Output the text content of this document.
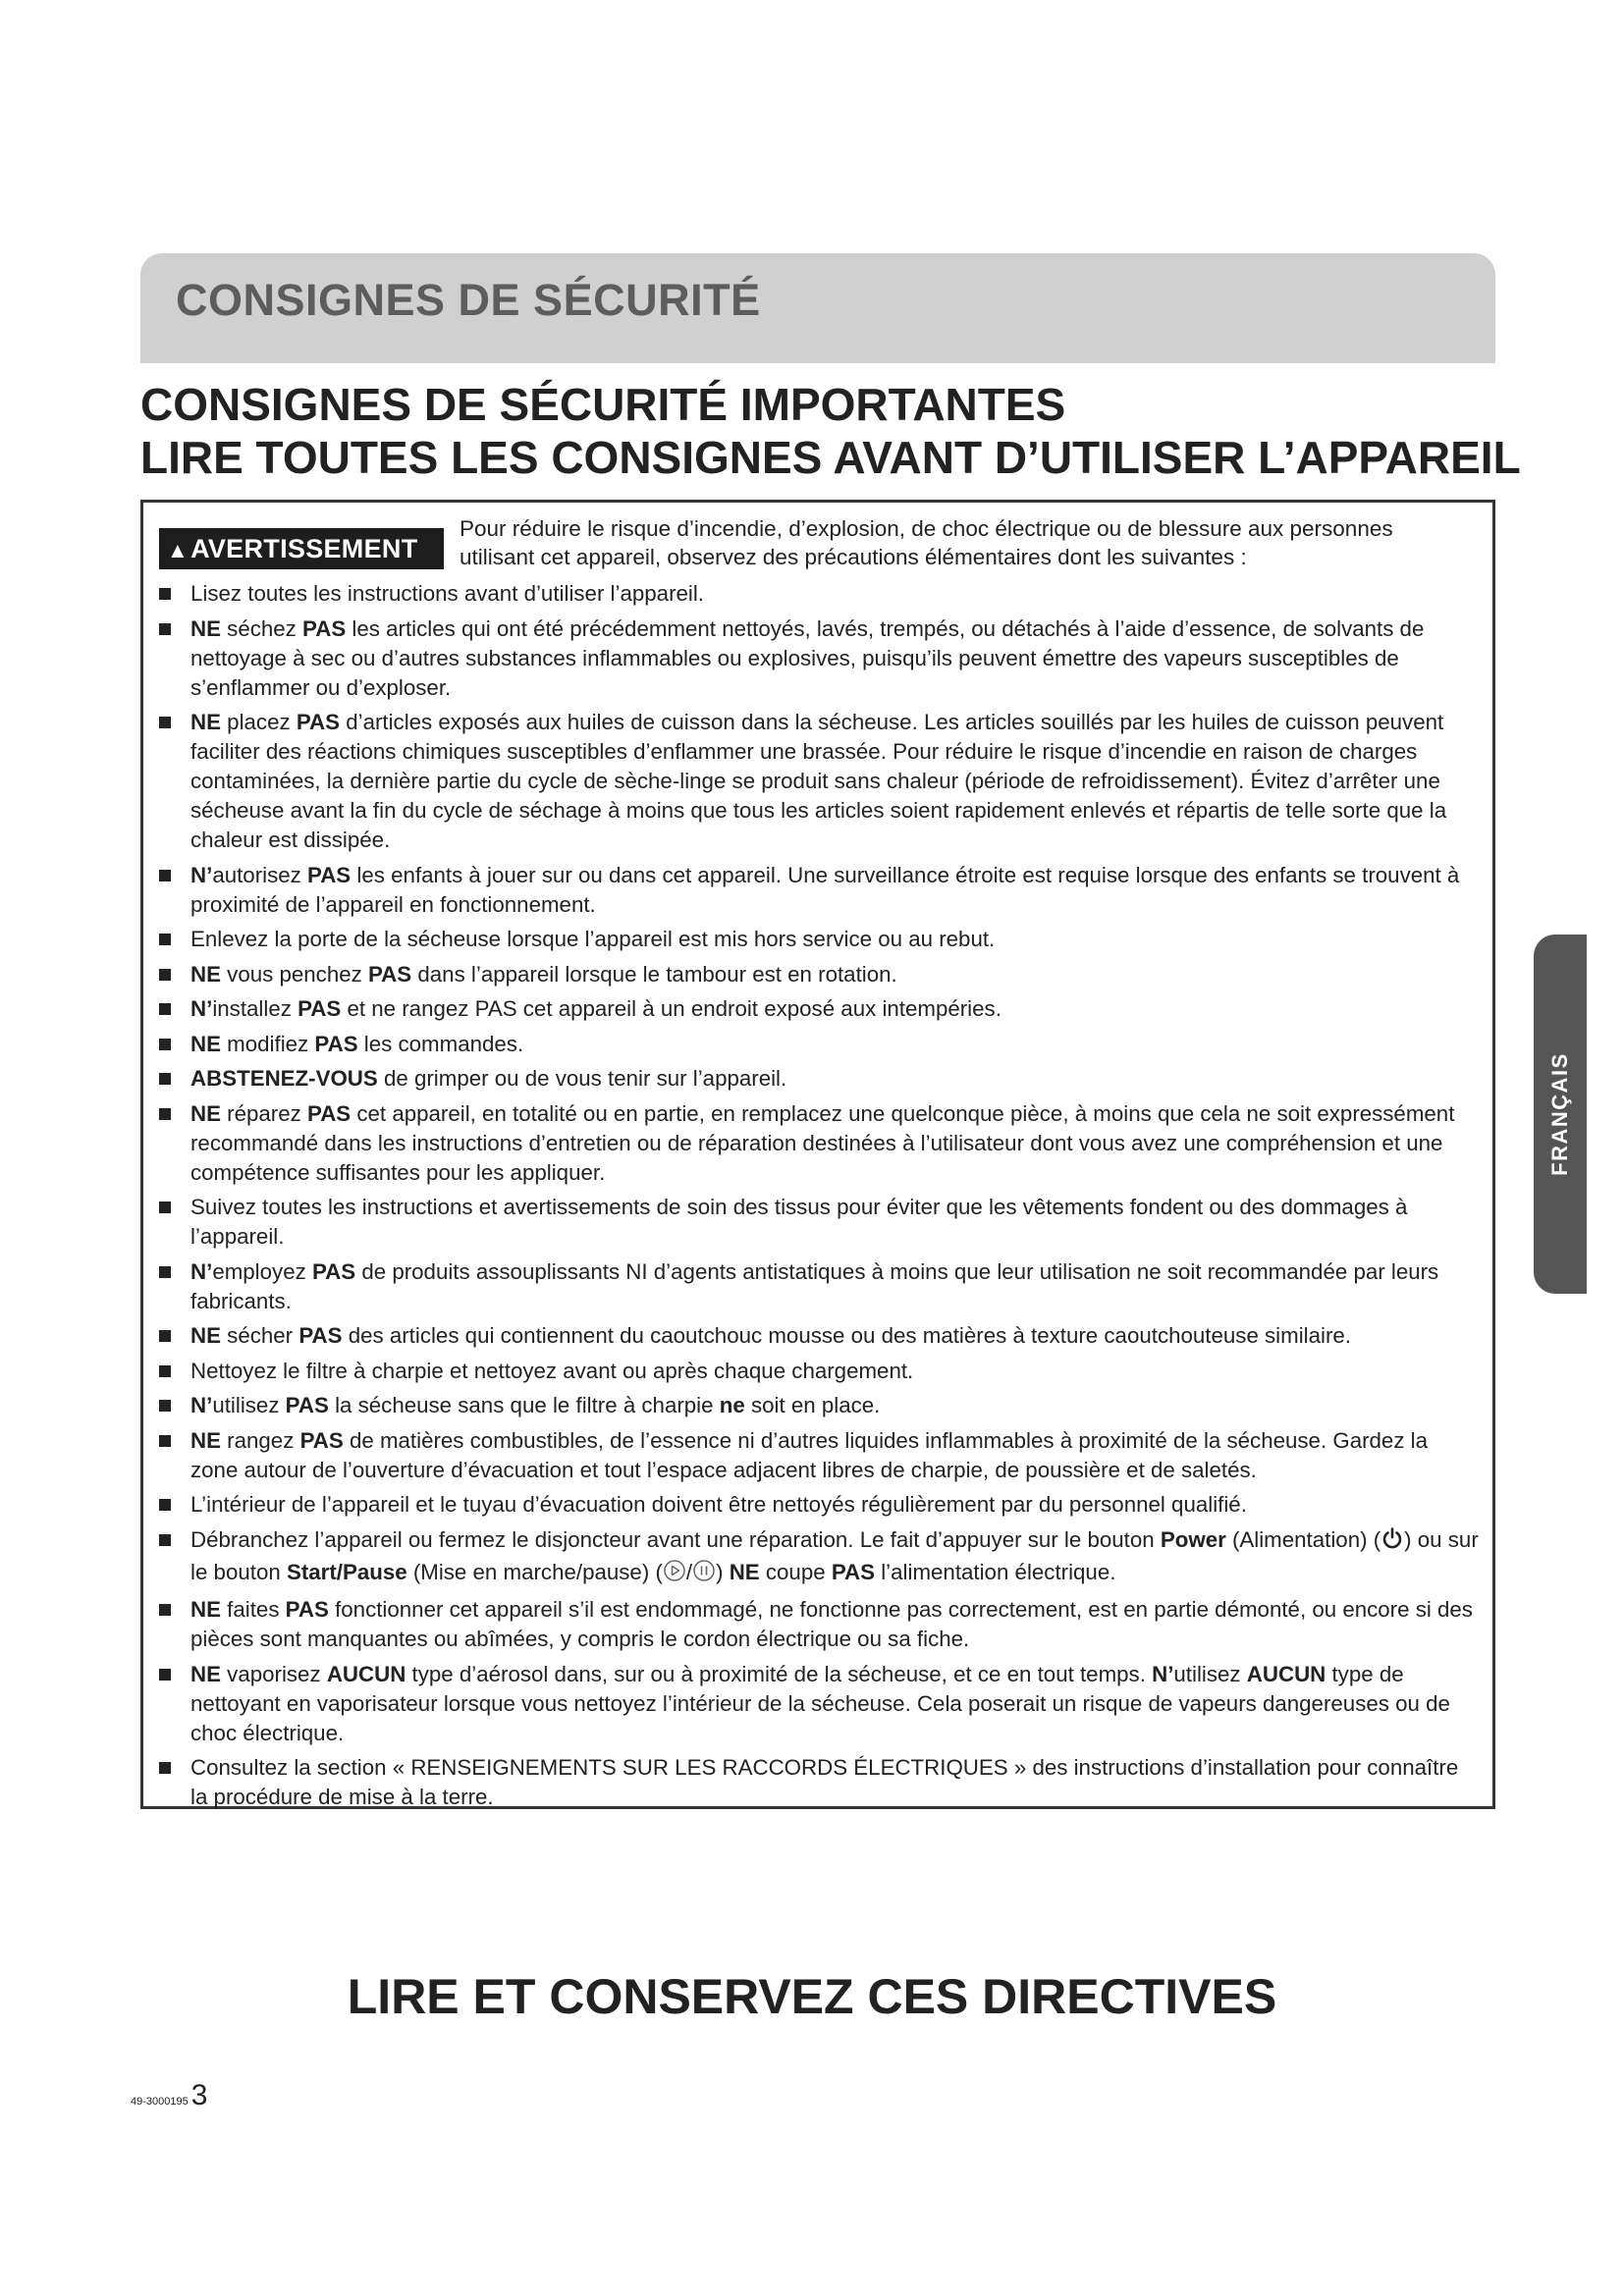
CONSIGNES DE SÉCURITÉ
CONSIGNES DE SÉCURITÉ IMPORTANTES
LIRE TOUTES LES CONSIGNES AVANT D’UTILISER L’APPAREIL
▲AVERTISSEMENT
Pour réduire le risque d’incendie, d’explosion, de choc électrique ou de blessure aux personnes utilisant cet appareil, observez des précautions élémentaires dont les suivantes :
Lisez toutes les instructions avant d’utiliser l’appareil.
NE séchez PAS les articles qui ont été précédemment nettoyés, lavés, trempés, ou détachés à l’aide d’essence, de solvants de nettoyage à sec ou d’autres substances inflammables ou explosives, puisqu’ils peuvent émettre des vapeurs susceptibles de s’enflammer ou d’exploser.
NE placez PAS d’articles exposés aux huiles de cuisson dans la sécheuse. Les articles souillés par les huiles de cuisson peuvent faciliter des réactions chimiques susceptibles d’enflammer une brassée. Pour réduire le risque d’incendie en raison de charges contaminées, la dernière partie du cycle de sèche-linge se produit sans chaleur (période de refroidissement). Évitez d’arrêter une sécheuse avant la fin du cycle de séchage à moins que tous les articles soient rapidement enlevés et répartis de telle sorte que la chaleur est dissipée.
N’autorisez PAS les enfants à jouer sur ou dans cet appareil. Une surveillance étroite est requise lorsque des enfants se trouvent à proximité de l’appareil en fonctionnement.
Enlevez la porte de la sécheuse lorsque l’appareil est mis hors service ou au rebut.
NE vous penchez PAS dans l’appareil lorsque le tambour est en rotation.
N’installez PAS et ne rangez PAS cet appareil à un endroit exposé aux intempéries.
NE modifiez PAS les commandes.
ABSTENEZ-VOUS de grimper ou de vous tenir sur l’appareil.
NE réparez PAS cet appareil, en totalité ou en partie, en remplacez une quelconque pièce, à moins que cela ne soit expressément recommandé dans les instructions d’entretien ou de réparation destinées à l’utilisateur dont vous avez une compréhension et une compétence suffisantes pour les appliquer.
Suivez toutes les instructions et avertissements de soin des tissus pour éviter que les vêtements fondent ou des dommages à l’appareil.
N’employez PAS de produits assouplissants NI d’agents antistatiques à moins que leur utilisation ne soit recommandée par leurs fabricants.
NE sécher PAS des articles qui contiennent du caoutchouc mousse ou des matières à texture caoutchouteuse similaire.
Nettoyez le filtre à charpie et nettoyez avant ou après chaque chargement.
N’utilisez PAS la sécheuse sans que le filtre à charpie ne soit en place.
NE rangez PAS de matières combustibles, de l’essence ni d’autres liquides inflammables à proximité de la sécheuse. Gardez la zone autour de l’ouverture d’évacuation et tout l’espace adjacent libres de charpie, de poussière et de saletés.
L’intérieur de l’appareil et le tuyau d’évacuation doivent être nettoyés régulièrement par du personnel qualifié.
Débranchez l’appareil ou fermez le disjoncteur avant une réparation. Le fait d’appuyer sur le bouton Power (Alimentation) ( ) ou sur le bouton Start/Pause (Mise en marche/pause) ( / ) NE coupe PAS l’alimentation électrique.
NE faites PAS fonctionner cet appareil s’il est endommagé, ne fonctionne pas correctement, est en partie démonté, ou encore si des pièces sont manquantes ou abîmées, y compris le cordon électrique ou sa fiche.
NE vaporisez AUCUN type d’aérosol dans, sur ou à proximité de la sécheuse, et ce en tout temps. N’utilisez AUCUN type de nettoyant en vaporisateur lorsque vous nettoyez l’intérieur de la sécheuse. Cela poserait un risque de vapeurs dangereuses ou de choc électrique.
Consultez la section « RENSEIGNEMENTS SUR LES RACCORDS ÉLECTRIQUES » des instructions d’installation pour connaître la procédure de mise à la terre.
FRANÇAIS
LIRE ET CONSERVEZ CES DIRECTIVES
49-3000195 3
